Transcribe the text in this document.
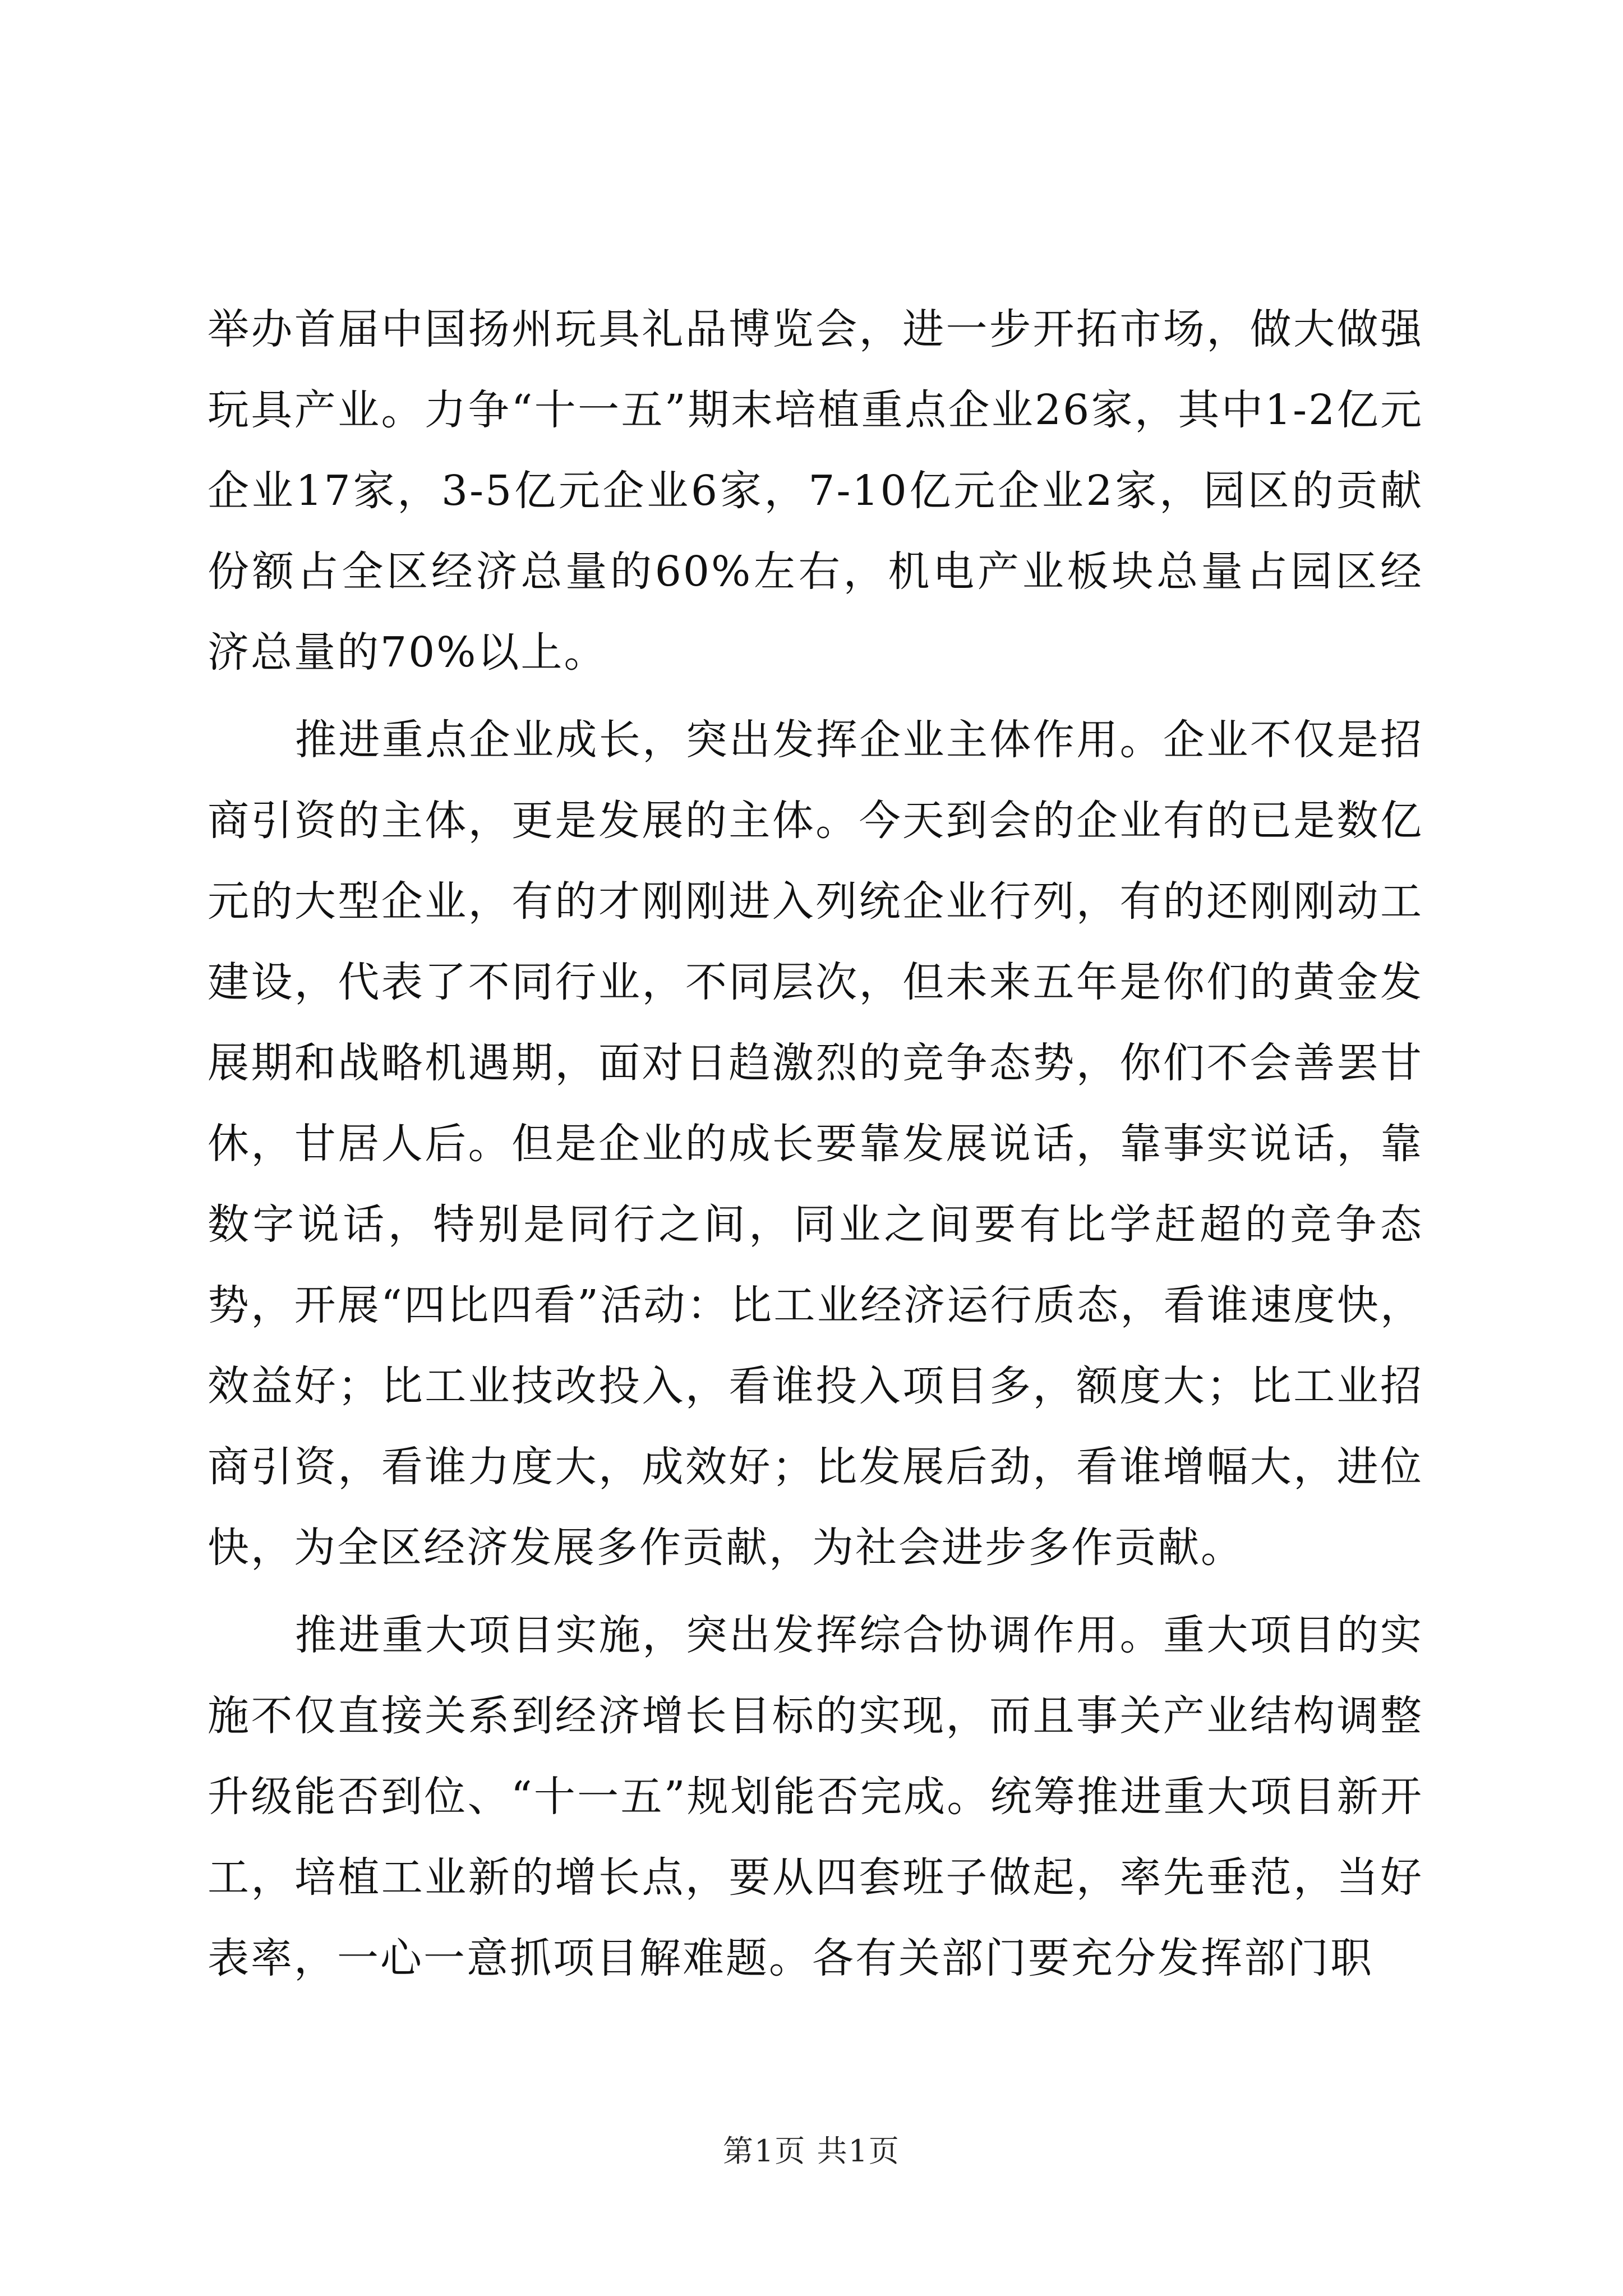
举办首届中国扬州玩具礼品博览会，进一步开拓市场，做大做强玩具产业。力争“十一五”期末培植重点企业26家，其中1-2亿元企业17家，3-5亿元企业6家，7-10亿元企业2家，园区的贡献份额占全区经济总量的60%左右，机电产业板块总量占园区经济总量的70%以上。

推进重点企业成长，突出发挥企业主体作用。企业不仅是招商引资的主体，更是发展的主体。今天到会的企业有的已是数亿元的大型企业，有的才刚刚进入列统企业行列，有的还刚刚动工建设，代表了不同行业，不同层次，但未来五年是你们的黄金发展期和战略机遇期，面对日趋激烈的竞争态势，你们不会善罢甘休，甘居人后。但是企业的成长要靠发展说话，靠事实说话，靠数字说话，特别是同行之间，同业之间要有比学赶超的竞争态势，开展“四比四看”活动：比工业经济运行质态，看谁速度快，效益好；比工业技改投入，看谁投入项目多，额度大；比工业招商引资，看谁力度大，成效好；比发展后劲，看谁增幅大，进位快，为全区经济发展多作贡献，为社会进步多作贡献。

推进重大项目实施，突出发挥综合协调作用。重大项目的实施不仅直接关系到经济增长目标的实现，而且事关产业结构调整升级能否到位、“十一五”规划能否完成。统筹推进重大项目新开工，培植工业新的增长点，要从四套班子做起，率先垂范，当好表率，一心一意抓项目解难题。各有关部门要充分发挥部门职

第1页 共1页
